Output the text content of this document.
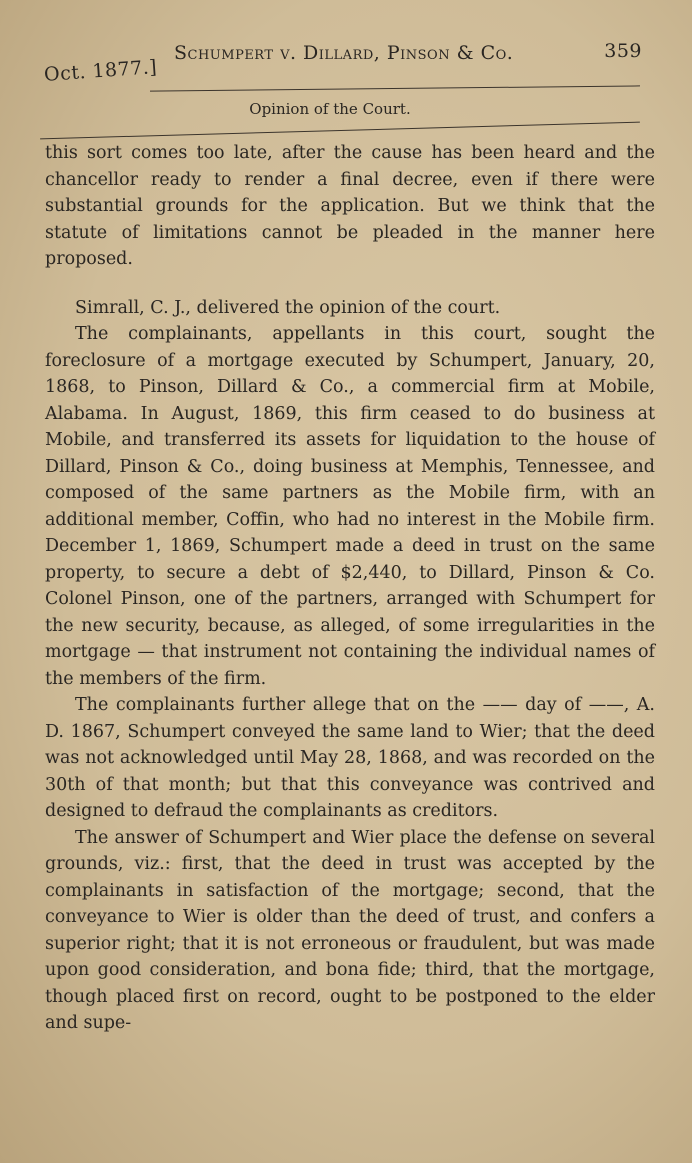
Oct. 1877.]
Schumpert v. Dillard, Pinson & Co.	359
Opinion of the Court.

this sort comes too late, after the cause has been heard and the chancellor ready to render a final decree, even if there were substantial grounds for the application. But we think that the statute of limitations cannot be pleaded in the manner here proposed.

Simrall, C. J., delivered the opinion of the court.

The complainants, appellants in this court, sought the foreclosure of a mortgage executed by Schumpert, January, 20, 1868, to Pinson, Dillard & Co., a commercial firm at Mobile, Alabama. In August, 1869, this firm ceased to do business at Mobile, and transferred its assets for liquidation to the house of Dillard, Pinson & Co., doing business at Memphis, Tennessee, and composed of the same partners as the Mobile firm, with an additional member, Coffin, who had no interest in the Mobile firm. December 1, 1869, Schumpert made a deed in trust on the same property, to secure a debt of $2,440, to Dillard, Pinson & Co. Colonel Pinson, one of the partners, arranged with Schumpert for the new security, because, as alleged, of some irregularities in the mortgage — that instrument not containing the individual names of the members of the firm.

The complainants further allege that on the —— day of ——, A. D. 1867, Schumpert conveyed the same land to Wier; that the deed was not acknowledged until May 28, 1868, and was recorded on the 30th of that month; but that this conveyance was contrived and designed to defraud the complainants as creditors.

The answer of Schumpert and Wier place the defense on several grounds, viz.: first, that the deed in trust was accepted by the complainants in satisfaction of the mortgage; second, that the conveyance to Wier is older than the deed of trust, and confers a superior right; that it is not erroneous or fraudulent, but was made upon good consideration, and bona fide; third, that the mortgage, though placed first on record, ought to be postponed to the elder and supe-
